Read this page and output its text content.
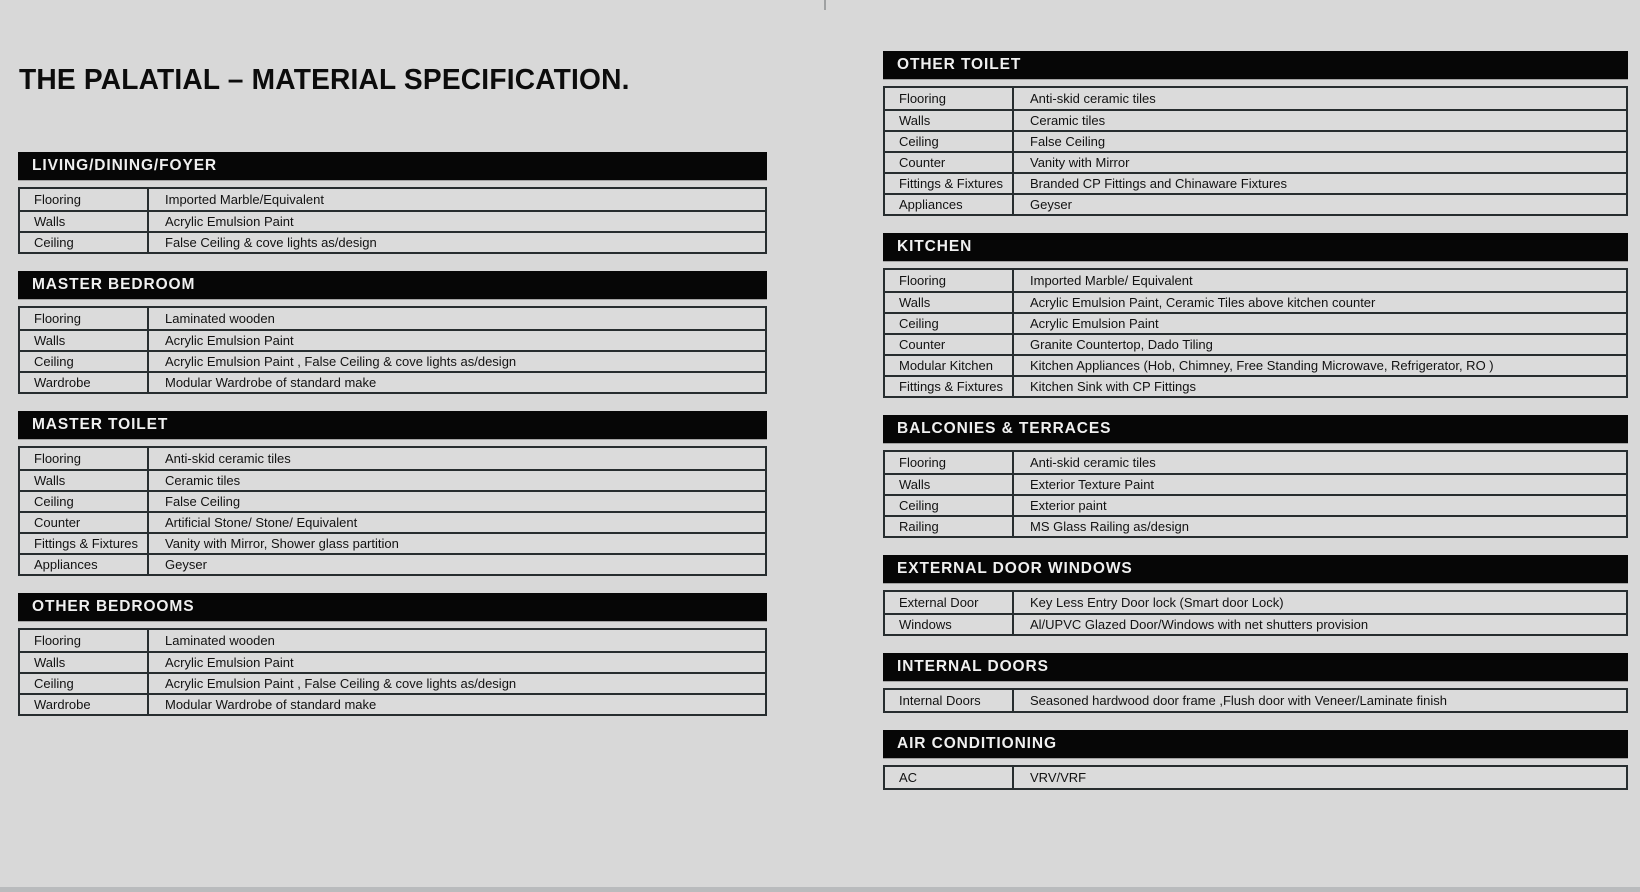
THE PALATIAL – MATERIAL SPECIFICATION.
LIVING/DINING/FOYER
Flooring	Imported Marble/Equivalent
Walls	Acrylic Emulsion Paint
Ceiling	False Ceiling & cove lights as/design
MASTER BEDROOM
Flooring	Laminated wooden
Walls	Acrylic Emulsion Paint
Ceiling	Acrylic Emulsion Paint , False Ceiling & cove lights as/design
Wardrobe	Modular Wardrobe of standard make
MASTER TOILET
Flooring	Anti-skid ceramic tiles
Walls	Ceramic tiles
Ceiling	False Ceiling
Counter	Artificial Stone/ Stone/ Equivalent
Fittings & Fixtures	Vanity with Mirror, Shower glass partition
Appliances	Geyser
OTHER BEDROOMS
Flooring	Laminated wooden
Walls	Acrylic Emulsion Paint
Ceiling	Acrylic Emulsion Paint , False Ceiling & cove lights as/design
Wardrobe	Modular Wardrobe of standard make
OTHER TOILET
Flooring	Anti-skid ceramic tiles
Walls	Ceramic tiles
Ceiling	False Ceiling
Counter	Vanity with Mirror
Fittings & Fixtures	Branded CP Fittings and Chinaware Fixtures
Appliances	Geyser
KITCHEN
Flooring	Imported Marble/ Equivalent
Walls	Acrylic Emulsion Paint, Ceramic Tiles above kitchen counter
Ceiling	Acrylic Emulsion Paint
Counter	Granite Countertop, Dado Tiling
Modular Kitchen	Kitchen Appliances (Hob, Chimney, Free Standing Microwave, Refrigerator, RO )
Fittings & Fixtures	Kitchen Sink with CP Fittings
BALCONIES & TERRACES
Flooring	Anti-skid ceramic tiles
Walls	Exterior Texture Paint
Ceiling	Exterior paint
Railing	MS Glass Railing as/design
EXTERNAL DOOR WINDOWS
External Door	Key Less Entry Door lock (Smart door Lock)
Windows	Al/UPVC Glazed Door/Windows with net shutters provision
INTERNAL DOORS
Internal Doors	Seasoned hardwood door frame ,Flush door with Veneer/Laminate finish
AIR CONDITIONING
AC	VRV/VRF
